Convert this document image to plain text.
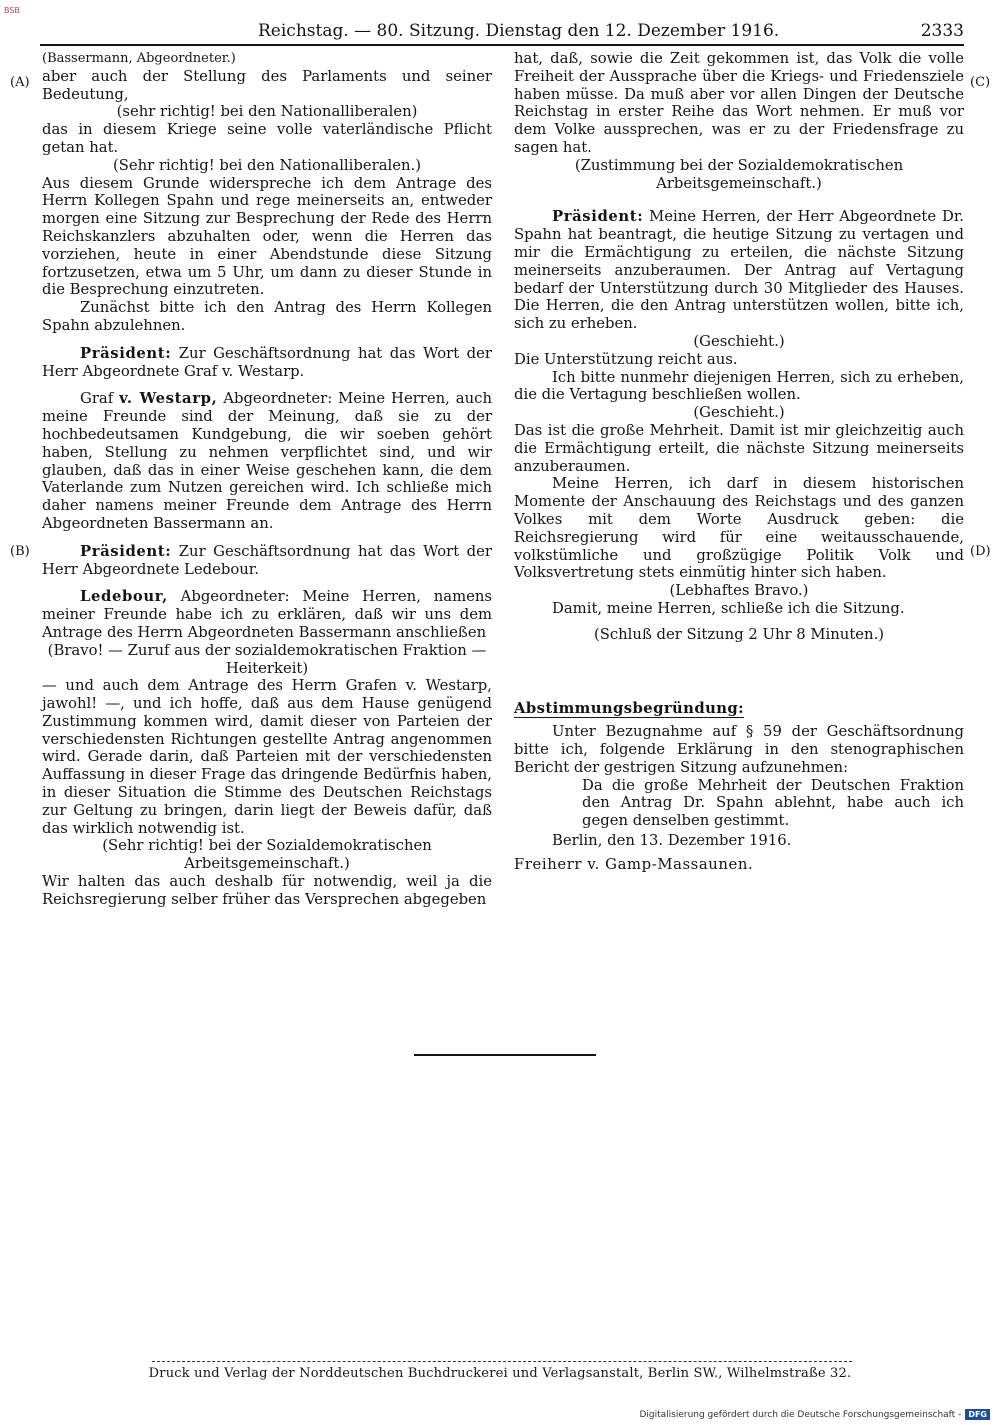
BSB
Reichstag. — 80. Sitzung. Dienstag den 12. Dezember 1916.	2333
(A)
(B)
(C)
(D)

(Bassermann, Abgeordneter.)

aber auch der Stellung des Parlaments und seiner Bedeutung,

(sehr richtig! bei den Nationalliberalen)

das in diesem Kriege seine volle vaterländische Pflicht getan hat.

(Sehr richtig! bei den Nationalliberalen.)

Aus diesem Grunde widerspreche ich dem Antrage des Herrn Kollegen Spahn und rege meinerseits an, entweder morgen eine Sitzung zur Besprechung der Rede des Herrn Reichskanzlers abzuhalten oder, wenn die Herren das vorziehen, heute in einer Abendstunde diese Sitzung fortzusetzen, etwa um 5 Uhr, um dann zu dieser Stunde in die Besprechung einzutreten.

Zunächst bitte ich den Antrag des Herrn Kollegen Spahn abzulehnen.

Präsident: Zur Geschäftsordnung hat das Wort der Herr Abgeordnete Graf v. Westarp.

Graf v. Westarp, Abgeordneter: Meine Herren, auch meine Freunde sind der Meinung, daß sie zu der hochbedeutsamen Kundgebung, die wir soeben gehört haben, Stellung zu nehmen verpflichtet sind, und wir glauben, daß das in einer Weise geschehen kann, die dem Vaterlande zum Nutzen gereichen wird. Ich schließe mich daher namens meiner Freunde dem Antrage des Herrn Abgeordneten Bassermann an.

Präsident: Zur Geschäftsordnung hat das Wort der Herr Abgeordnete Ledebour.

Ledebour, Abgeordneter: Meine Herren, namens meiner Freunde habe ich zu erklären, daß wir uns dem Antrage des Herrn Abgeordneten Bassermann anschließen

(Bravo! — Zuruf aus der sozialdemokratischen Fraktion — Heiterkeit)

— und auch dem Antrage des Herrn Grafen v. Westarp, jawohl! —, und ich hoffe, daß aus dem Hause genügend Zustimmung kommen wird, damit dieser von Parteien der verschiedensten Richtungen gestellte Antrag angenommen wird. Gerade darin, daß Parteien mit der verschiedensten Auffassung in dieser Frage das dringende Bedürfnis haben, in dieser Situation die Stimme des Deutschen Reichstags zur Geltung zu bringen, darin liegt der Beweis dafür, daß das wirklich notwendig ist.

(Sehr richtig! bei der Sozialdemokratischen Arbeitsgemeinschaft.)

Wir halten das auch deshalb für notwendig, weil ja die Reichsregierung selber früher das Versprechen abgegeben

hat, daß, sowie die Zeit gekommen ist, das Volk die volle Freiheit der Aussprache über die Kriegs- und Friedensziele haben müsse. Da muß aber vor allen Dingen der Deutsche Reichstag in erster Reihe das Wort nehmen. Er muß vor dem Volke aussprechen, was er zu der Friedensfrage zu sagen hat.

(Zustimmung bei der Sozialdemokratischen Arbeitsgemeinschaft.)

Präsident: Meine Herren, der Herr Abgeordnete Dr. Spahn hat beantragt, die heutige Sitzung zu vertagen und mir die Ermächtigung zu erteilen, die nächste Sitzung meinerseits anzuberaumen. Der Antrag auf Vertagung bedarf der Unterstützung durch 30 Mitglieder des Hauses. Die Herren, die den Antrag unterstützen wollen, bitte ich, sich zu erheben.

(Geschieht.)

Die Unterstützung reicht aus.

Ich bitte nunmehr diejenigen Herren, sich zu erheben, die die Vertagung beschließen wollen.

(Geschieht.)

Das ist die große Mehrheit. Damit ist mir gleichzeitig auch die Ermächtigung erteilt, die nächste Sitzung meinerseits anzuberaumen.

Meine Herren, ich darf in diesem historischen Momente der Anschauung des Reichstags und des ganzen Volkes mit dem Worte Ausdruck geben: die Reichsregierung wird für eine weitausschauende, volkstümliche und großzügige Politik Volk und Volksvertretung stets einmütig hinter sich haben.

(Lebhaftes Bravo.)

Damit, meine Herren, schließe ich die Sitzung.

(Schluß der Sitzung 2 Uhr 8 Minuten.)

Abstimmungsbegründung:

Unter Bezugnahme auf § 59 der Geschäftsordnung bitte ich, folgende Erklärung in den stenographischen Bericht der gestrigen Sitzung aufzunehmen:

Da die große Mehrheit der Deutschen Fraktion den Antrag Dr. Spahn ablehnt, habe auch ich gegen denselben gestimmt.

Berlin, den 13. Dezember 1916.

Freiherr v. Gamp-Massaunen.

Druck und Verlag der Norddeutschen Buchdruckerei und Verlagsanstalt, Berlin SW., Wilhelmstraße 32.
Digitalisierung gefördert durch die Deutsche Forschungsgemeinschaft - DFG
